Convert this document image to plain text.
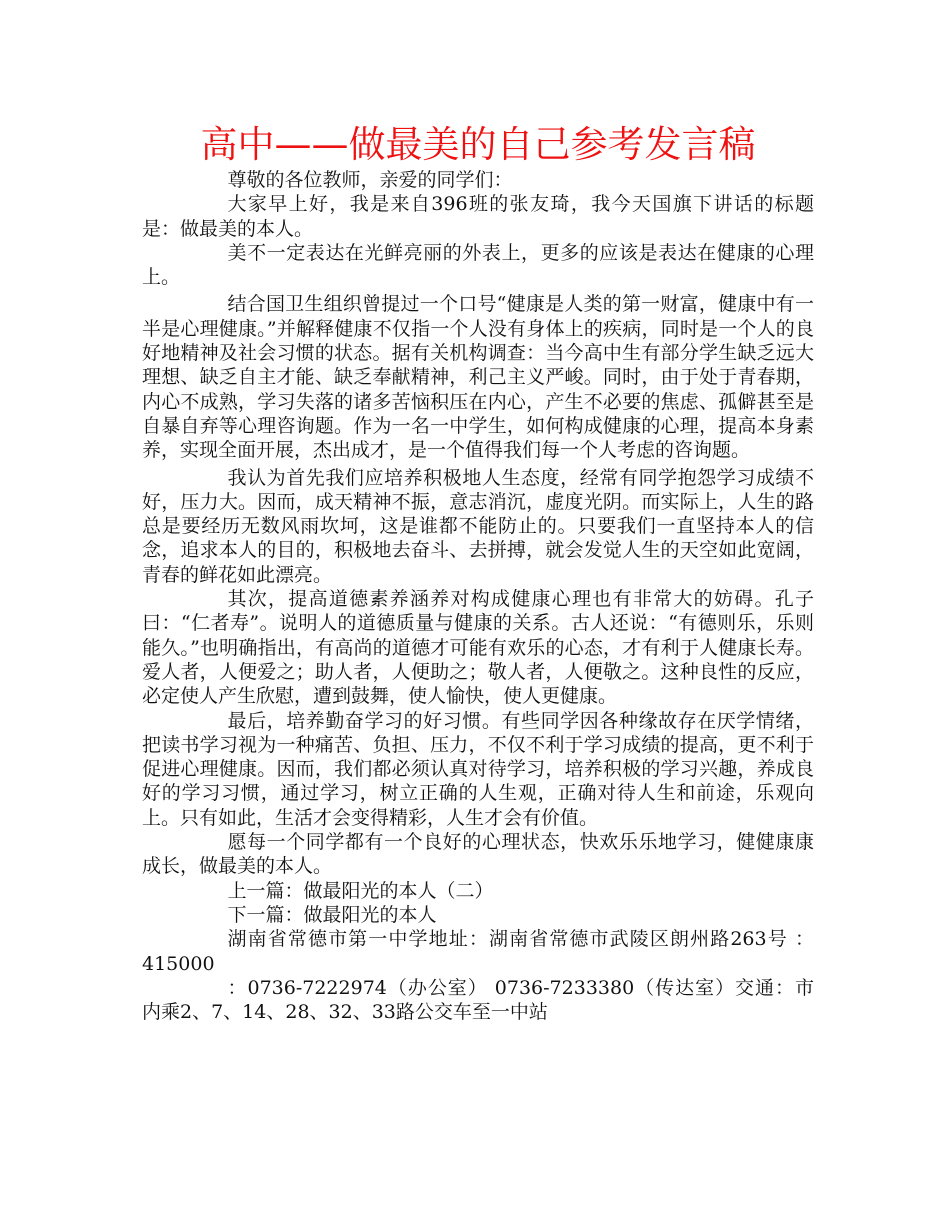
高中——做最美的自己参考发言稿

尊敬的各位教师，亲爱的同学们：

大家早上好，我是来自396班的张友琦，我今天国旗下讲话的标题是：做最美的本人。

美不一定表达在光鲜亮丽的外表上，更多的应该是表达在健康的心理上。

结合国卫生组织曾提过一个口号“健康是人类的第一财富，健康中有一半是心理健康。”并解释健康不仅指一个人没有身体上的疾病，同时是一个人的良好地精神及社会习惯的状态。据有关机构调查：当今高中生有部分学生缺乏远大理想、缺乏自主才能、缺乏奉献精神，利己主义严峻。同时，由于处于青春期，内心不成熟，学习失落的诸多苦恼积压在内心，产生不必要的焦虑、孤僻甚至是自暴自弃等心理咨询题。作为一名一中学生，如何构成健康的心理，提高本身素养，实现全面开展，杰出成才，是一个值得我们每一个人考虑的咨询题。

我认为首先我们应培养积极地人生态度，经常有同学抱怨学习成绩不好，压力大。因而，成天精神不振，意志消沉，虚度光阴。而实际上，人生的路总是要经历无数风雨坎坷，这是谁都不能防止的。只要我们一直坚持本人的信念，追求本人的目的，积极地去奋斗、去拼搏，就会发觉人生的天空如此宽阔，青春的鲜花如此漂亮。

其次，提高道德素养涵养对构成健康心理也有非常大的妨碍。孔子曰：“仁者寿”。说明人的道德质量与健康的关系。古人还说：“有德则乐，乐则能久。”也明确指出，有高尚的道德才可能有欢乐的心态，才有利于人健康长寿。爱人者，人便爱之；助人者，人便助之；敬人者，人便敬之。这种良性的反应，必定使人产生欣慰，遭到鼓舞，使人愉快，使人更健康。

最后，培养勤奋学习的好习惯。有些同学因各种缘故存在厌学情绪，把读书学习视为一种痛苦、负担、压力，不仅不利于学习成绩的提高，更不利于促进心理健康。因而，我们都必须认真对待学习，培养积极的学习兴趣，养成良好的学习习惯，通过学习，树立正确的人生观，正确对待人生和前途，乐观向上。只有如此，生活才会变得精彩，人生才会有价值。

愿每一个同学都有一个良好的心理状态，快欢乐乐地学习，健健康康成长，做最美的本人。

上一篇：做最阳光的本人（二）

下一篇：做最阳光的本人

湖南省常德市第一中学地址：湖南省常德市武陵区朗州路263号 ：415000

：0736-7222974（办公室） 0736-7233380（传达室）交通：市内乘2、7、14、28、32、33路公交车至一中站
